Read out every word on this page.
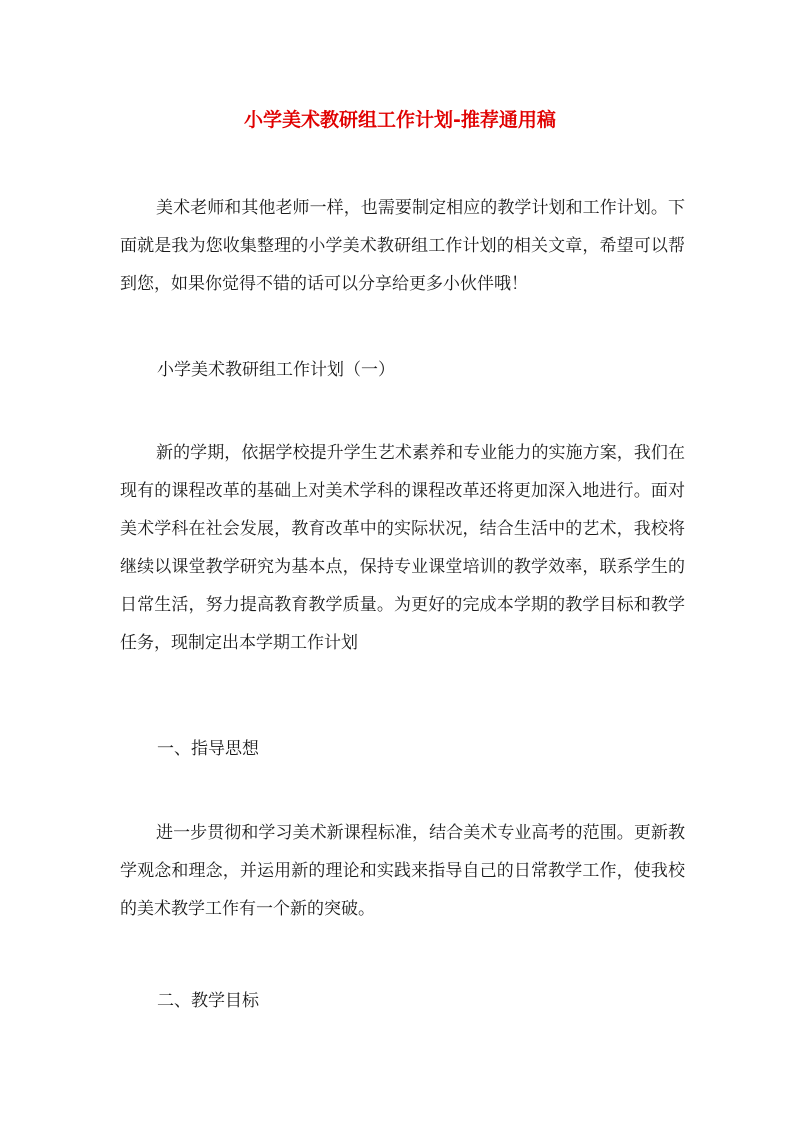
小学美术教研组工作计划-推荐通用稿

美术老师和其他老师一样，也需要制定相应的教学计划和工作计划。下面就是我为您收集整理的小学美术教研组工作计划的相关文章，希望可以帮到您，如果你觉得不错的话可以分享给更多小伙伴哦！

小学美术教研组工作计划（一）

新的学期，依据学校提升学生艺术素养和专业能力的实施方案，我们在现有的课程改革的基础上对美术学科的课程改革还将更加深入地进行。面对美术学科在社会发展，教育改革中的实际状况，结合生活中的艺术，我校将继续以课堂教学研究为基本点，保持专业课堂培训的教学效率，联系学生的日常生活，努力提高教育教学质量。为更好的完成本学期的教学目标和教学任务，现制定出本学期工作计划

一、指导思想

进一步贯彻和学习美术新课程标准，结合美术专业高考的范围。更新教学观念和理念，并运用新的理论和实践来指导自己的日常教学工作，使我校的美术教学工作有一个新的突破。

二、教学目标
